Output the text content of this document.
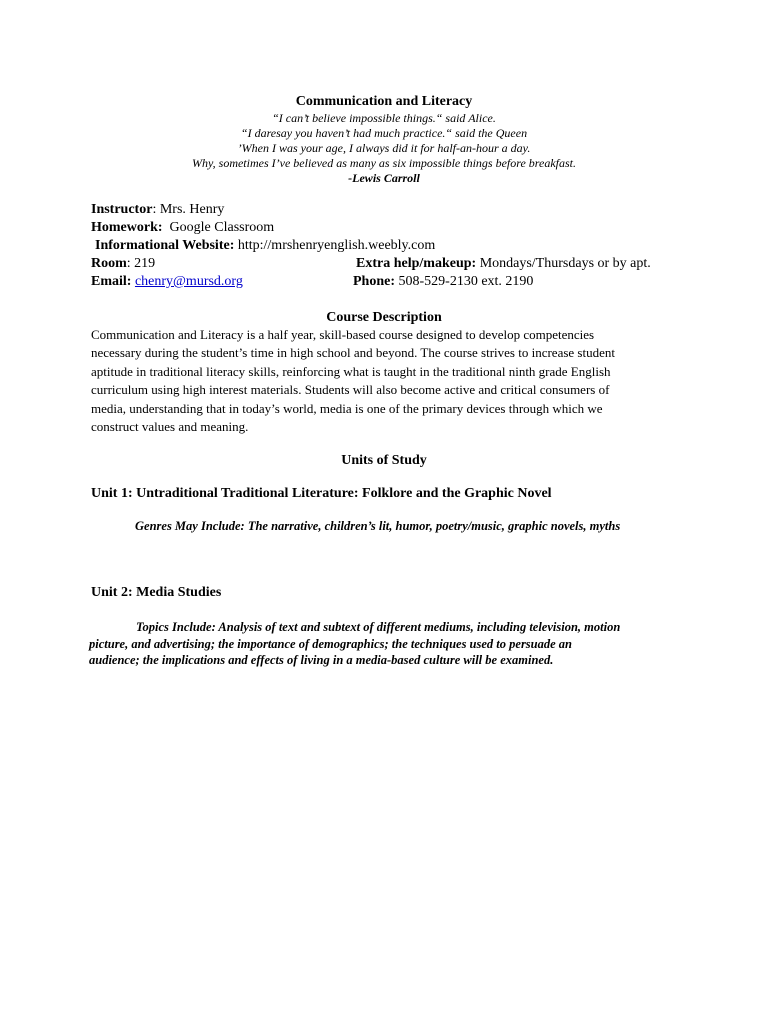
Communication and Literacy
“I can’t believe impossible things.“ said Alice.
“I daresay you haven’t had much practice.“ said the Queen
’When I was your age, I always did it for half-an-hour a day.
Why, sometimes I’ve believed as many as six impossible things before breakfast.
-Lewis Carroll
Instructor: Mrs. Henry
Homework: Google Classroom
Informational Website: http://mrshenryenglish.weebly.com
Room: 219	Extra help/makeup: Mondays/Thursdays or by apt.
Email: chenry@mursd.org	Phone: 508-529-2130 ext. 2190
Course Description

Communication and Literacy is a half year, skill-based course designed to develop competencies

necessary during the student’s time in high school and beyond. The course strives to increase student

aptitude in traditional literacy skills, reinforcing what is taught in the traditional ninth grade English

curriculum using high interest materials. Students will also become active and critical consumers of

media, understanding that in today’s world, media is one of the primary devices through which we

construct values and meaning.

Units of Study
Unit 1: Untraditional Traditional Literature: Folklore and the Graphic Novel
Genres May Include: The narrative, children’s lit, humor, poetry/music, graphic novels, myths
Unit 2: Media Studies

Topics Include: Analysis of text and subtext of different mediums, including television, motion

picture, and advertising; the importance of demographics; the techniques used to persuade an

audience; the implications and effects of living in a media-based culture will be examined.
